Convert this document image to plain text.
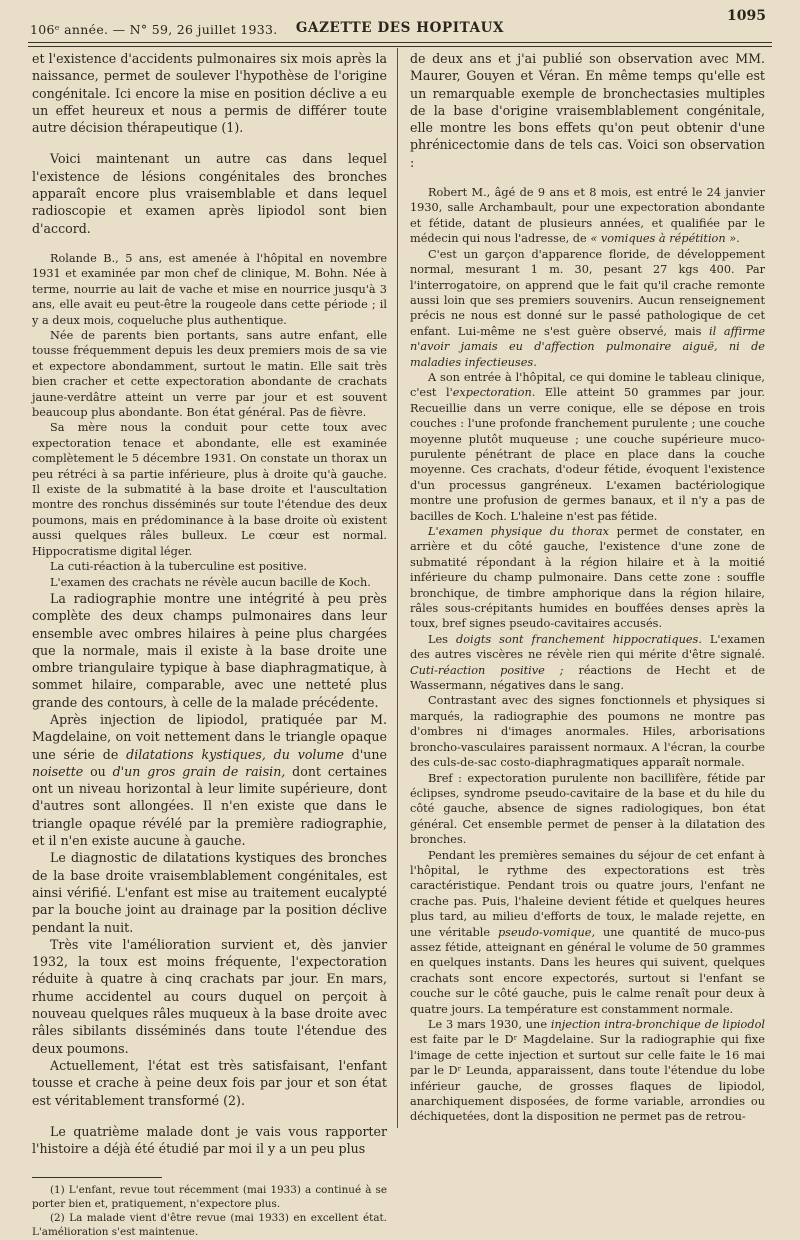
106ᵉ année. — N° 59, 26 juillet 1933.	GAZETTE DES HOPITAUX
1095

et l'existence d'accidents pulmonaires six mois après la naissance, permet de soulever l'hypothèse de l'origine congénitale. Ici encore la mise en position déclive a eu un effet heureux et nous a permis de différer toute autre décision thérapeutique (1).

Voici maintenant un autre cas dans lequel l'existence de lésions congénitales des bronches apparaît encore plus vraisemblable et dans lequel radioscopie et examen après lipiodol sont bien d'accord.

Rolande B., 5 ans, est amenée à l'hôpital en novembre 1931 et examinée par mon chef de clinique, M. Bohn. Née à terme, nourrie au lait de vache et mise en nourrice jusqu'à 3 ans, elle avait eu peut-être la rougeole dans cette période ; il y a deux mois, coqueluche plus authentique.

Née de parents bien portants, sans autre enfant, elle tousse fréquemment depuis les deux premiers mois de sa vie et expectore abondamment, surtout le matin. Elle sait très bien cracher et cette expectoration abondante de crachats jaune-verdâtre atteint un verre par jour et est souvent beaucoup plus abondante. Bon état général. Pas de fièvre.

Sa mère nous la conduit pour cette toux avec expectoration tenace et abondante, elle est examinée complètement le 5 décembre 1931. On constate un thorax un peu rétréci à sa partie inférieure, plus à droite qu'à gauche. Il existe de la submatité à la base droite et l'auscultation montre des ronchus disséminés sur toute l'étendue des deux poumons, mais en prédominance à la base droite où existent aussi quelques râles bulleux. Le cœur est normal. Hippocratisme digital léger.

La cuti-réaction à la tuberculine est positive.

L'examen des crachats ne révèle aucun bacille de Koch.

La radiographie montre une intégrité à peu près complète des deux champs pulmonaires dans leur ensemble avec ombres hilaires à peine plus chargées que la normale, mais il existe à la base droite une ombre triangulaire typique à base diaphragmatique, à sommet hilaire, comparable, avec une netteté plus grande des contours, à celle de la malade précédente.

Après injection de lipiodol, pratiquée par M. Magdelaine, on voit nettement dans le triangle opaque une série de dilatations kystiques, du volume d'une noisette ou d'un gros grain de raisin, dont certaines ont un niveau horizontal à leur limite supérieure, dont d'autres sont allongées. Il n'en existe que dans le triangle opaque révélé par la première radiographie, et il n'en existe aucune à gauche.

Le diagnostic de dilatations kystiques des bronches de la base droite vraisemblablement congénitales, est ainsi vérifié. L'enfant est mise au traitement eucalypté par la bouche joint au drainage par la position déclive pendant la nuit.

Très vite l'amélioration survient et, dès janvier 1932, la toux est moins fréquente, l'expectoration réduite à quatre à cinq crachats par jour. En mars, rhume accidentel au cours duquel on perçoit à nouveau quelques râles muqueux à la base droite avec râles sibilants disséminés dans toute l'étendue des deux poumons.

Actuellement, l'état est très satisfaisant, l'enfant tousse et crache à peine deux fois par jour et son état est véritablement transformé (2).

Le quatrième malade dont je vais vous rapporter l'histoire a déjà été étudié par moi il y a un peu plus

(1) L'enfant, revue tout récemment (mai 1933) a continué à se porter bien et, pratiquement, n'expectore plus.

(2) La malade vient d'être revue (mai 1933) en excellent état. L'amélioration s'est maintenue.

de deux ans et j'ai publié son observation avec MM. Maurer, Gouyen et Véran. En même temps qu'elle est un remarquable exemple de bronchectasies multiples de la base d'origine vraisemblablement congénitale, elle montre les bons effets qu'on peut obtenir d'une phrénicectomie dans de tels cas. Voici son observation :

Robert M., âgé de 9 ans et 8 mois, est entré le 24 janvier 1930, salle Archambault, pour une expectoration abondante et fétide, datant de plusieurs années, et qualifiée par le médecin qui nous l'adresse, de « vomiques à répétition ».

C'est un garçon d'apparence floride, de développement normal, mesurant 1 m. 30, pesant 27 kgs 400. Par l'interrogatoire, on apprend que le fait qu'il crache remonte aussi loin que ses premiers souvenirs. Aucun renseignement précis ne nous est donné sur le passé pathologique de cet enfant. Lui-même ne s'est guère observé, mais il affirme n'avoir jamais eu d'affection pulmonaire aiguë, ni de maladies infectieuses.

A son entrée à l'hôpital, ce qui domine le tableau clinique, c'est l'expectoration. Elle atteint 50 grammes par jour. Recueillie dans un verre conique, elle se dépose en trois couches : l'une profonde franchement purulente ; une couche moyenne plutôt muqueuse ; une couche supérieure muco-purulente pénétrant de place en place dans la couche moyenne. Ces crachats, d'odeur fétide, évoquent l'existence d'un processus gangréneux. L'examen bactériologique montre une profusion de germes banaux, et il n'y a pas de bacilles de Koch. L'haleine n'est pas fétide.

L'examen physique du thorax permet de constater, en arrière et du côté gauche, l'existence d'une zone de submatité répondant à la région hilaire et à la moitié inférieure du champ pulmonaire. Dans cette zone : souffle bronchique, de timbre amphorique dans la région hilaire, râles sous-crépitants humides en bouffées denses après la toux, bref signes pseudo-cavitaires accusés.

Les doigts sont franchement hippocratiques. L'examen des autres viscères ne révèle rien qui mérite d'être signalé. Cuti-réaction positive ; réactions de Hecht et de Wassermann, négatives dans le sang.

Contrastant avec des signes fonctionnels et physiques si marqués, la radiographie des poumons ne montre pas d'ombres ni d'images anormales. Hiles, arborisations broncho-vasculaires paraissent normaux. A l'écran, la courbe des culs-de-sac costo-diaphragmatiques apparaît normale.

Bref : expectoration purulente non bacillifère, fétide par éclipses, syndrome pseudo-cavitaire de la base et du hile du côté gauche, absence de signes radiologiques, bon état général. Cet ensemble permet de penser à la dilatation des bronches.

Pendant les premières semaines du séjour de cet enfant à l'hôpital, le rythme des expectorations est très caractéristique. Pendant trois ou quatre jours, l'enfant ne crache pas. Puis, l'haleine devient fétide et quelques heures plus tard, au milieu d'efforts de toux, le malade rejette, en une véritable pseudo-vomique, une quantité de muco-pus assez fétide, atteignant en général le volume de 50 grammes en quelques instants. Dans les heures qui suivent, quelques crachats sont encore expectorés, surtout si l'enfant se couche sur le côté gauche, puis le calme renaît pour deux à quatre jours. La température est constamment normale.

Le 3 mars 1930, une injection intra-bronchique de lipiodol est faite par le Dʳ Magdelaine. Sur la radiographie qui fixe l'image de cette injection et surtout sur celle faite le 16 mai par le Dʳ Leunda, apparaissent, dans toute l'étendue du lobe inférieur gauche, de grosses flaques de lipiodol, anarchiquement disposées, de forme variable, arrondies ou déchiquetées, dont la disposition ne permet pas de retrou-
